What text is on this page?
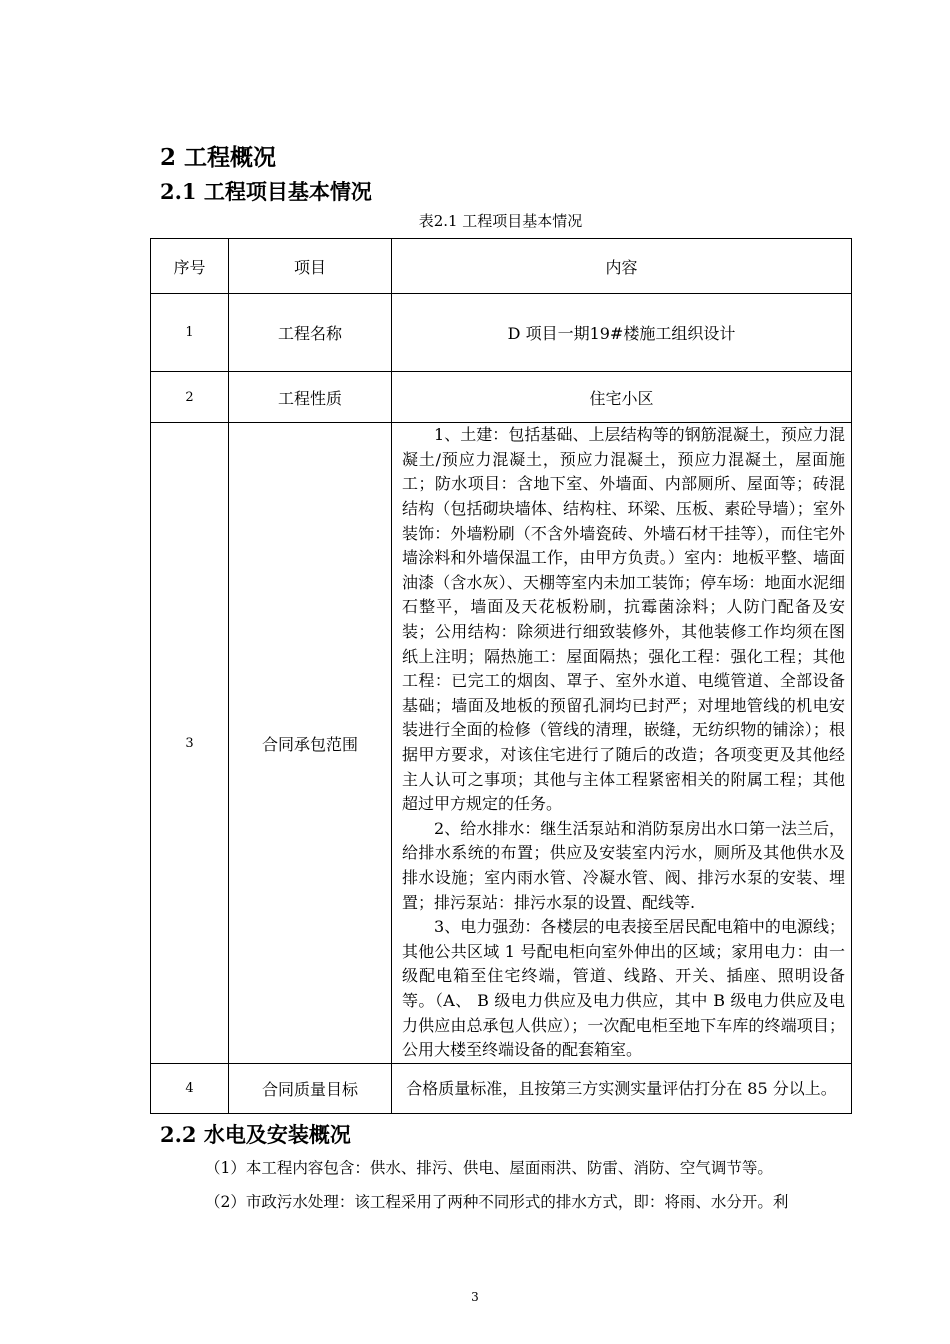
2 工程概况
2.1 工程项目基本情况
表2.1 工程项目基本情况
序号	项目	内容
1	工程名称	D 项目一期19#楼施工组织设计
2	工程性质	住宅小区
3	合同承包范围	1、土建：包括基础、上层结构等的钢筋混凝土，预应力混凝土/预应力混凝土，预应力混凝土，预应力混凝土，屋面施工；防水项目：含地下室、外墙面、内部厕所、屋面等；砖混结构（包括砌块墙体、结构柱、环梁、压板、素砼导墙）；室外装饰：外墙粉刷（不含外墙瓷砖、外墙石材干挂等），而住宅外墙涂料和外墙保温工作，由甲方负责。）室内：地板平整、墙面油漆（含水灰）、天棚等室内未加工装饰；停车场：地面水泥细石整平，墙面及天花板粉刷，抗霉菌涂料；人防门配备及安装；公用结构：除须进行细致装修外，其他装修工作均须在图纸上注明；隔热施工：屋面隔热；强化工程：强化工程；其他工程：已完工的烟囱、罩子、室外水道、电缆管道、全部设备基础；墙面及地板的预留孔洞均已封严；对埋地管线的机电安装进行全面的检修（管线的清理，嵌缝，无纺织物的铺涂）；根据甲方要求，对该住宅进行了随后的改造；各项变更及其他经主人认可之事项；其他与主体工程紧密相关的附属工程；其他超过甲方规定的任务。

2、给水排水：继生活泵站和消防泵房出水口第一法兰后，给排水系统的布置；供应及安装室内污水，厕所及其他供水及排水设施；室内雨水管、冷凝水管、阀、排污水泵的安装、埋置；排污泵站：排污水泵的设置、配线等.

3、电力强劲：各楼层的电表接至居民配电箱中的电源线；其他公共区域 1 号配电柜向室外伸出的区域；家用电力：由一级配电箱至住宅终端，管道、线路、开关、插座、照明设备等。（A、 B 级电力供应及电力供应，其中 B 级电力供应及电力供应由总承包人供应）；一次配电柜至地下车库的终端项目；公用大楼至终端设备的配套箱室。

4	合同质量目标	合格质量标准，且按第三方实测实量评估打分在 85 分以上。
2.2 水电及安装概况

（1）本工程内容包含：供水、排污、供电、屋面雨洪、防雷、消防、空气调节等。

（2）市政污水处理：该工程采用了两种不同形式的排水方式，即：将雨、水分开。利

3
